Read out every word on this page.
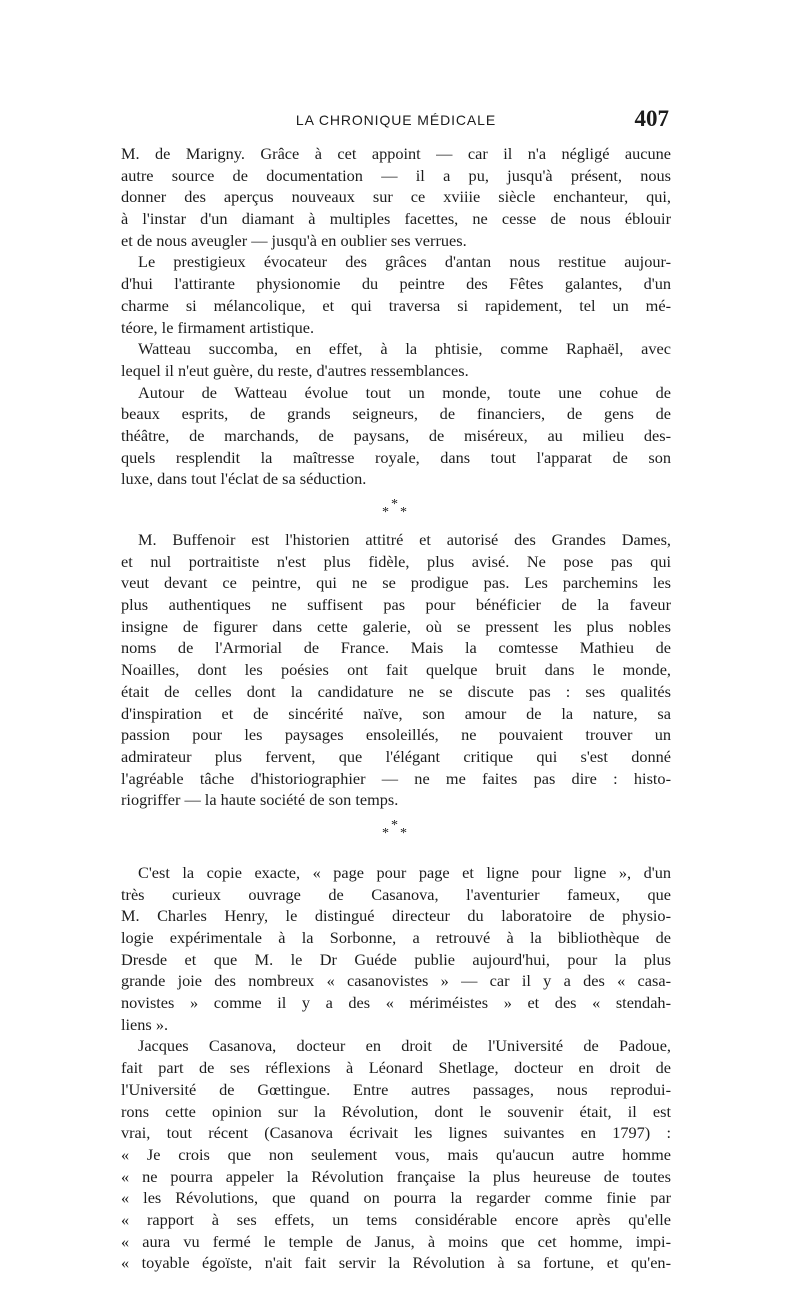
LA CHRONIQUE MÉDICALE	407
M. de Marigny. Grâce à cet appoint — car il n'a négligé aucune
autre source de documentation — il a pu, jusqu'à présent, nous
donner des aperçus nouveaux sur ce xviiie siècle enchanteur, qui,
à l'instar d'un diamant à multiples facettes, ne cesse de nous éblouir
et de nous aveugler — jusqu'à en oublier ses verrues.
Le prestigieux évocateur des grâces d'antan nous restitue aujour-
d'hui l'attirante physionomie du peintre des Fêtes galantes, d'un
charme si mélancolique, et qui traversa si rapidement, tel un mé-
téore, le firmament artistique.
Watteau succomba, en effet, à la phtisie, comme Raphaël, avec
lequel il n'eut guère, du reste, d'autres ressemblances.
Autour de Watteau évolue tout un monde, toute une cohue de
beaux esprits, de grands seigneurs, de financiers, de gens de
théâtre, de marchands, de paysans, de miséreux, au milieu des-
quels resplendit la maîtresse royale, dans tout l'apparat de son
luxe, dans tout l'éclat de sa séduction.
*
* *
M. Buffenoir est l'historien attitré et autorisé des Grandes Dames,
et nul portraitiste n'est plus fidèle, plus avisé. Ne pose pas qui
veut devant ce peintre, qui ne se prodigue pas. Les parchemins les
plus authentiques ne suffisent pas pour bénéficier de la faveur
insigne de figurer dans cette galerie, où se pressent les plus nobles
noms de l'Armorial de France. Mais la comtesse Mathieu de
Noailles, dont les poésies ont fait quelque bruit dans le monde,
était de celles dont la candidature ne se discute pas : ses qualités
d'inspiration et de sincérité naïve, son amour de la nature, sa
passion pour les paysages ensoleillés, ne pouvaient trouver un
admirateur plus fervent, que l'élégant critique qui s'est donné
l'agréable tâche d'historiographier — ne me faites pas dire : histo-
riogriffer — la haute société de son temps.
*
* *
C'est la copie exacte, « page pour page et ligne pour ligne », d'un
très curieux ouvrage de Casanova, l'aventurier fameux, que
M. Charles Henry, le distingué directeur du laboratoire de physio-
logie expérimentale à la Sorbonne, a retrouvé à la bibliothèque de
Dresde et que M. le Dr Guéde publie aujourd'hui, pour la plus
grande joie des nombreux « casanovistes » — car il y a des « casa-
novistes » comme il y a des « mériméistes » et des « stendah-
liens ».
Jacques Casanova, docteur en droit de l'Université de Padoue,
fait part de ses réflexions à Léonard Shetlage, docteur en droit de
l'Université de Gœttingue. Entre autres passages, nous reprodui-
rons cette opinion sur la Révolution, dont le souvenir était, il est
vrai, tout récent (Casanova écrivait les lignes suivantes en 1797) :
« Je crois que non seulement vous, mais qu'aucun autre homme
« ne pourra appeler la Révolution française la plus heureuse de toutes
« les Révolutions, que quand on pourra la regarder comme finie par
« rapport à ses effets, un tems considérable encore après qu'elle
« aura vu fermé le temple de Janus, à moins que cet homme, impi-
« toyable égoïste, n'ait fait servir la Révolution à sa fortune, et qu'en-
